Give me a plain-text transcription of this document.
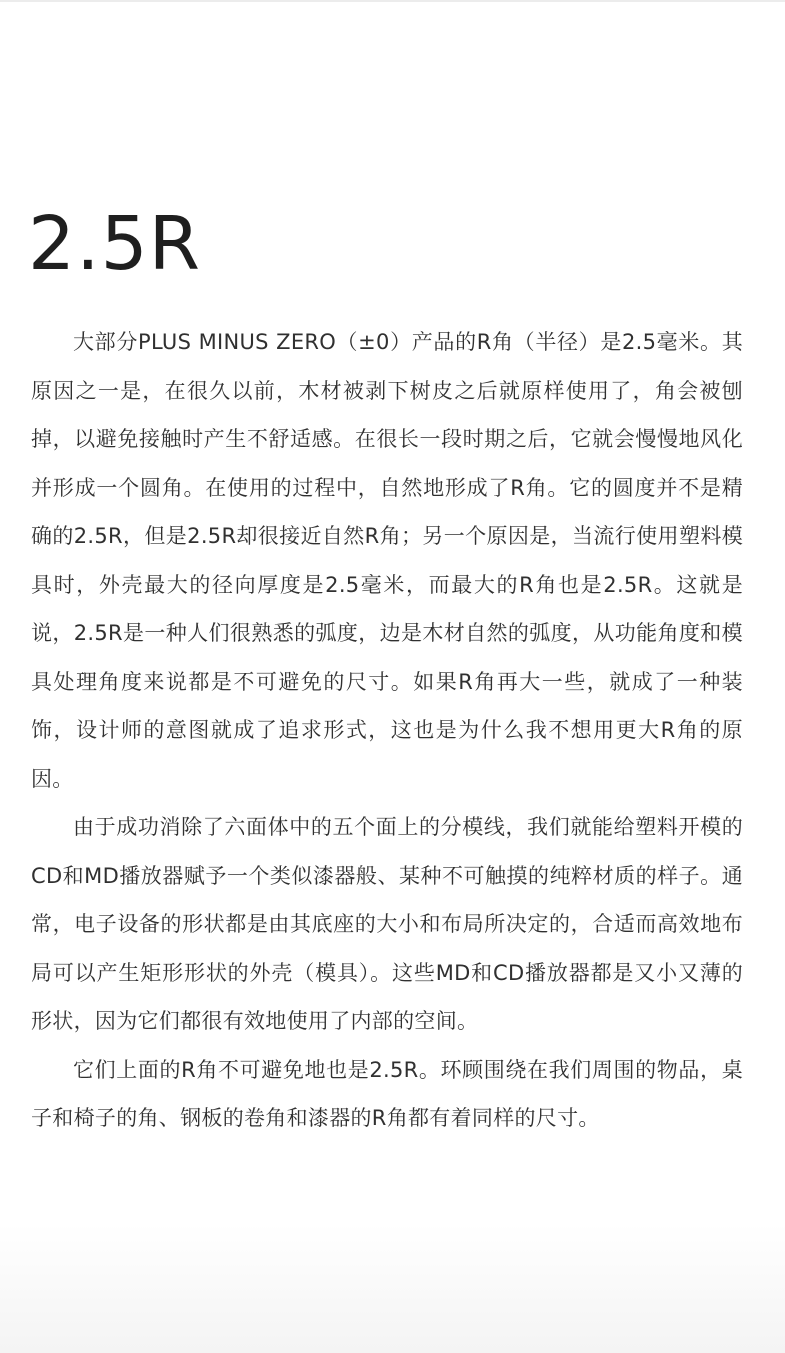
2.5R

大部分PLUS MINUS ZERO（±0）产品的R角（半径）是2.5毫米。其原因之一是，在很久以前，木材被剥下树皮之后就原样使用了，角会被刨掉，以避免接触时产生不舒适感。在很长一段时期之后，它就会慢慢地风化并形成一个圆角。在使用的过程中，自然地形成了R角。它的圆度并不是精确的2.5R，但是2.5R却很接近自然R角；另一个原因是，当流行使用塑料模具时，外壳最大的径向厚度是2.5毫米，而最大的R角也是2.5R。这就是说，2.5R是一种人们很熟悉的弧度，边是木材自然的弧度，从功能角度和模具处理角度来说都是不可避免的尺寸。如果R角再大一些，就成了一种装饰，设计师的意图就成了追求形式，这也是为什么我不想用更大R角的原因。

由于成功消除了六面体中的五个面上的分模线，我们就能给塑料开模的CD和MD播放器赋予一个类似漆器般、某种不可触摸的纯粹材质的样子。通常，电子设备的形状都是由其底座的大小和布局所决定的，合适而高效地布局可以产生矩形形状的外壳（模具）。这些MD和CD播放器都是又小又薄的形状，因为它们都很有效地使用了内部的空间。

它们上面的R角不可避免地也是2.5R。环顾围绕在我们周围的物品，桌子和椅子的角、钢板的卷角和漆器的R角都有着同样的尺寸。
